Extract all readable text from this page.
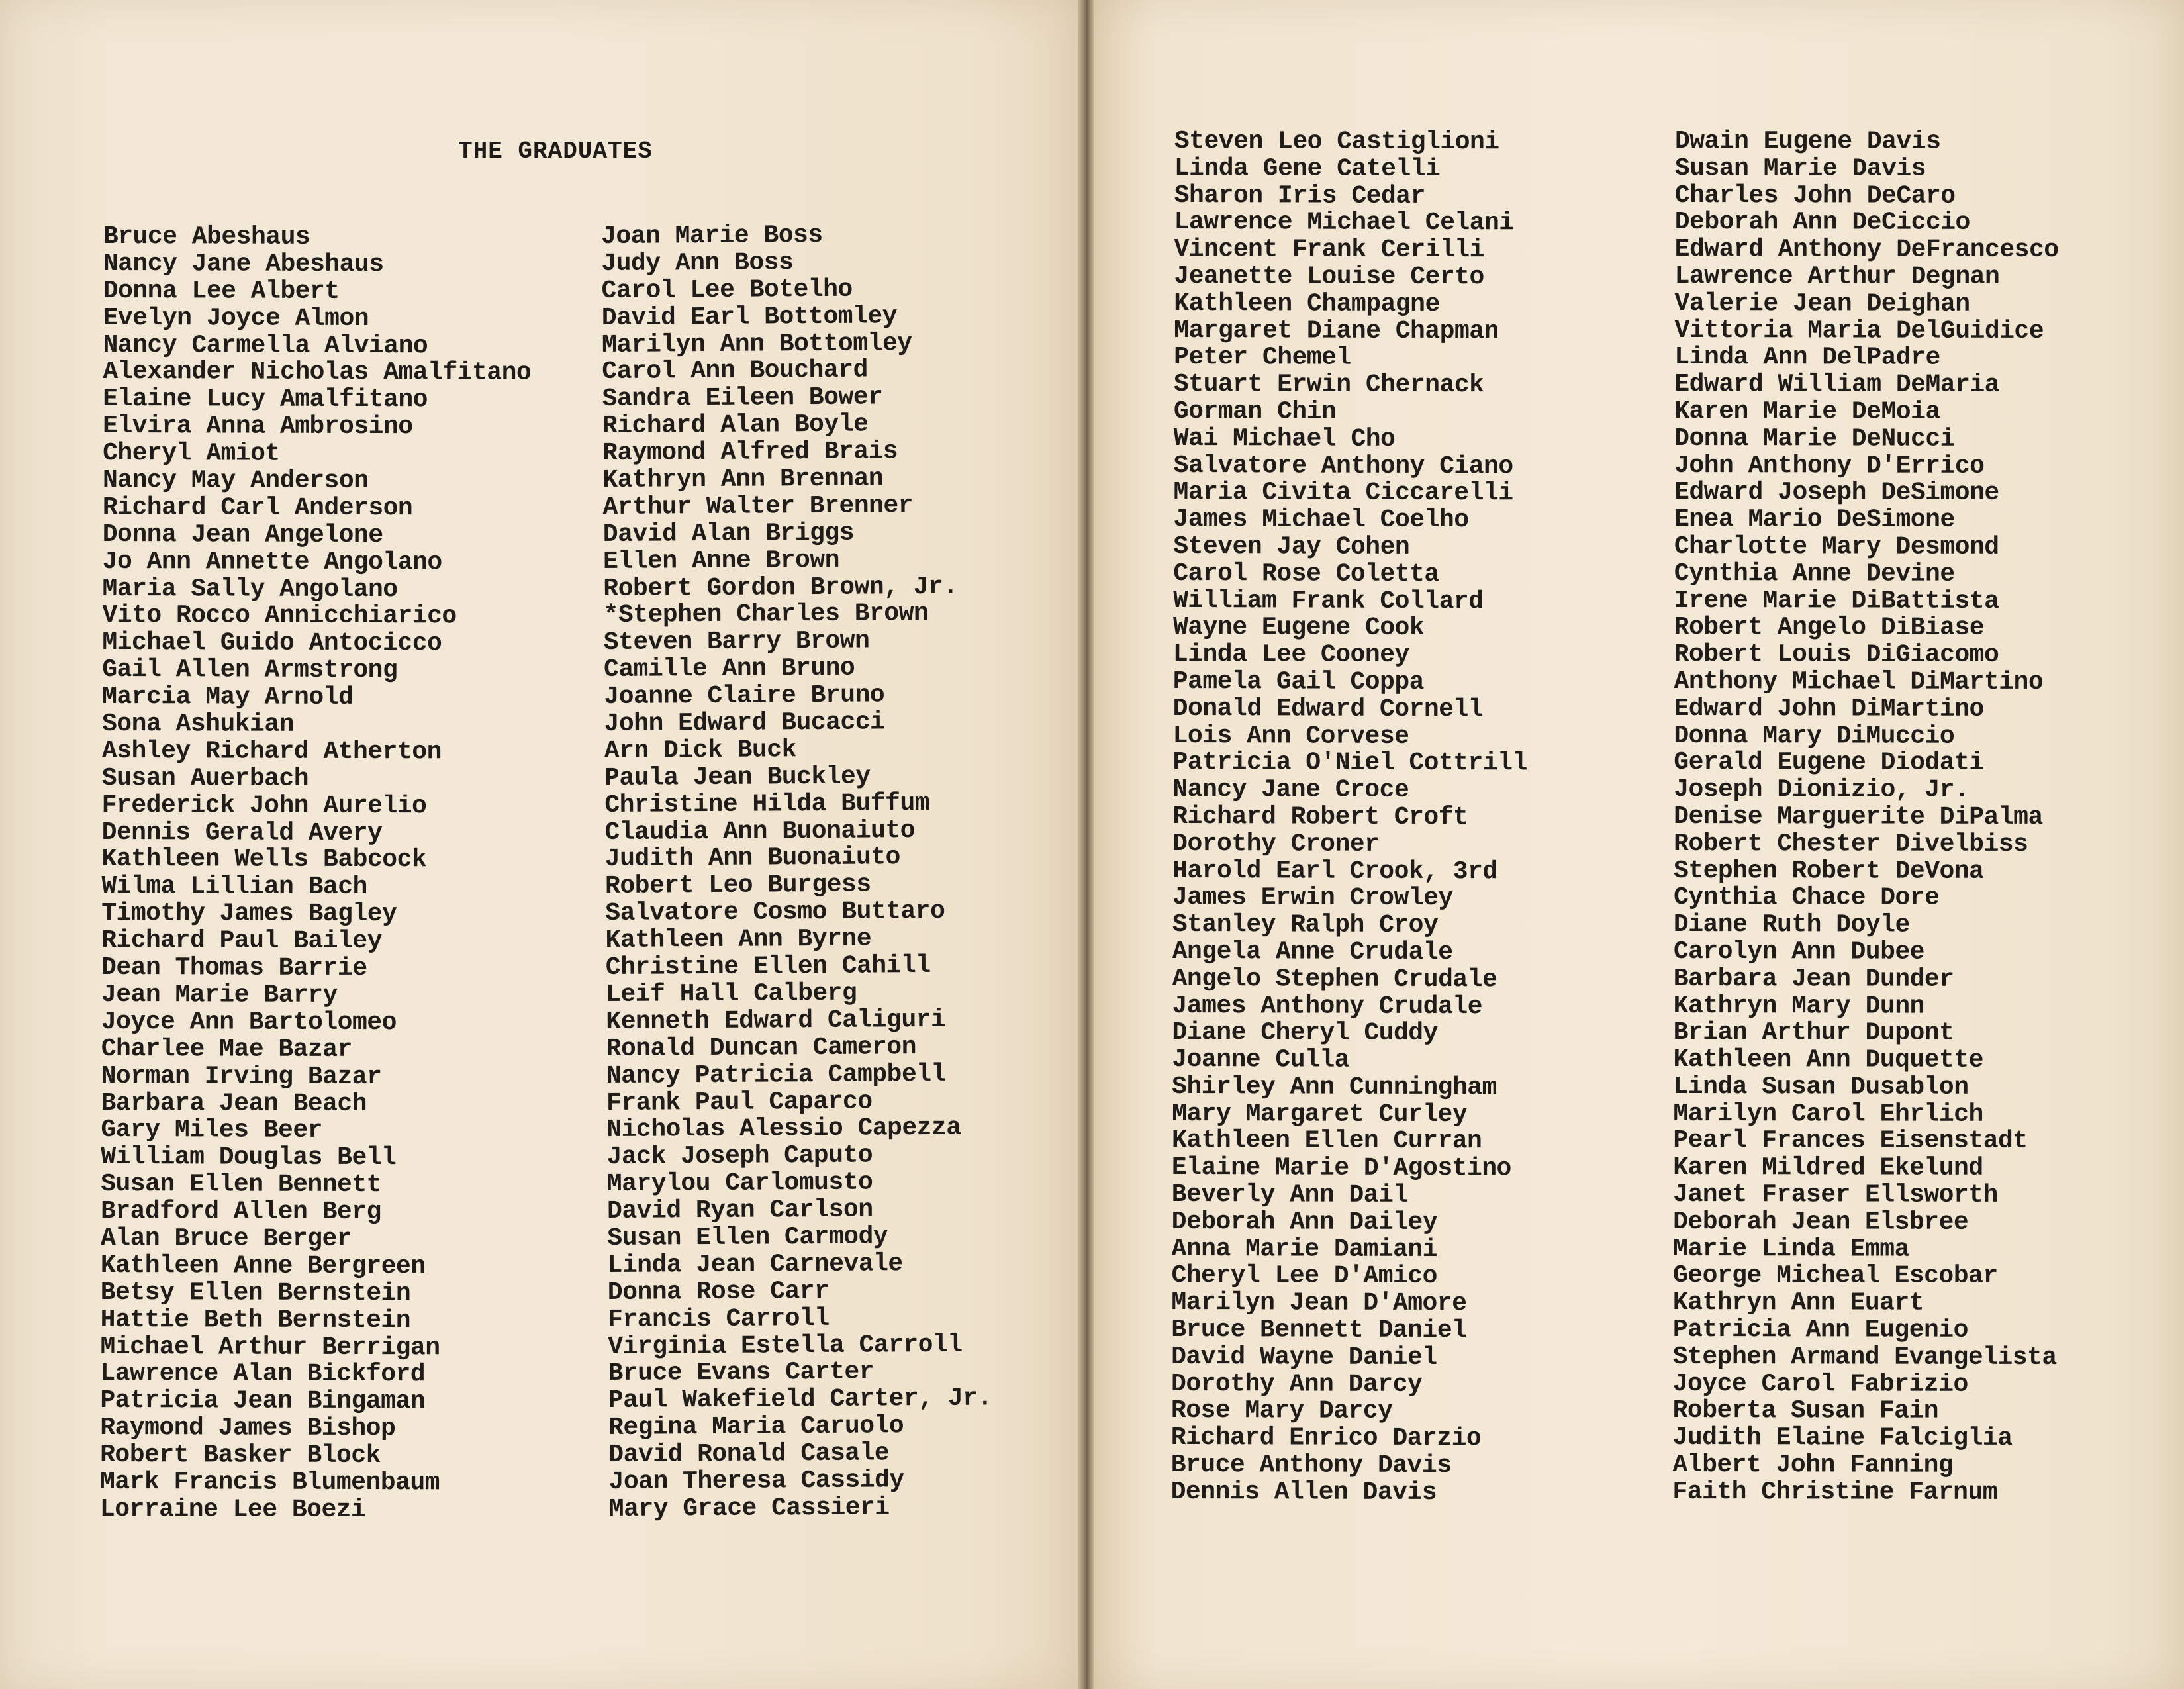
THE GRADUATES
Bruce Abeshaus
Nancy Jane Abeshaus
Donna Lee Albert
Evelyn Joyce Almon
Nancy Carmella Alviano
Alexander Nicholas Amalfitano
Elaine Lucy Amalfitano
Elvira Anna Ambrosino
Cheryl Amiot
Nancy May Anderson
Richard Carl Anderson
Donna Jean Angelone
Jo Ann Annette Angolano
Maria Sally Angolano
Vito Rocco Annicchiarico
Michael Guido Antocicco
Gail Allen Armstrong
Marcia May Arnold
Sona Ashukian
Ashley Richard Atherton
Susan Auerbach
Frederick John Aurelio
Dennis Gerald Avery
Kathleen Wells Babcock
Wilma Lillian Bach
Timothy James Bagley
Richard Paul Bailey
Dean Thomas Barrie
Jean Marie Barry
Joyce Ann Bartolomeo
Charlee Mae Bazar
Norman Irving Bazar
Barbara Jean Beach
Gary Miles Beer
William Douglas Bell
Susan Ellen Bennett
Bradford Allen Berg
Alan Bruce Berger
Kathleen Anne Bergreen
Betsy Ellen Bernstein
Hattie Beth Bernstein
Michael Arthur Berrigan
Lawrence Alan Bickford
Patricia Jean Bingaman
Raymond James Bishop
Robert Basker Block
Mark Francis Blumenbaum
Lorraine Lee Boezi
Joan Marie Boss
Judy Ann Boss
Carol Lee Botelho
David Earl Bottomley
Marilyn Ann Bottomley
Carol Ann Bouchard
Sandra Eileen Bower
Richard Alan Boyle
Raymond Alfred Brais
Kathryn Ann Brennan
Arthur Walter Brenner
David Alan Briggs
Ellen Anne Brown
Robert Gordon Brown, Jr.
*Stephen Charles Brown
Steven Barry Brown
Camille Ann Bruno
Joanne Claire Bruno
John Edward Bucacci
Arn Dick Buck
Paula Jean Buckley
Christine Hilda Buffum
Claudia Ann Buonaiuto
Judith Ann Buonaiuto
Robert Leo Burgess
Salvatore Cosmo Buttaro
Kathleen Ann Byrne
Christine Ellen Cahill
Leif Hall Calberg
Kenneth Edward Caliguri
Ronald Duncan Cameron
Nancy Patricia Campbell
Frank Paul Caparco
Nicholas Alessio Capezza
Jack Joseph Caputo
Marylou Carlomusto
David Ryan Carlson
Susan Ellen Carmody
Linda Jean Carnevale
Donna Rose Carr
Francis Carroll
Virginia Estella Carroll
Bruce Evans Carter
Paul Wakefield Carter, Jr.
Regina Maria Caruolo
David Ronald Casale
Joan Theresa Cassidy
Mary Grace Cassieri
Steven Leo Castiglioni
Linda Gene Catelli
Sharon Iris Cedar
Lawrence Michael Celani
Vincent Frank Cerilli
Jeanette Louise Certo
Kathleen Champagne
Margaret Diane Chapman
Peter Chemel
Stuart Erwin Chernack
Gorman Chin
Wai Michael Cho
Salvatore Anthony Ciano
Maria Civita Ciccarelli
James Michael Coelho
Steven Jay Cohen
Carol Rose Coletta
William Frank Collard
Wayne Eugene Cook
Linda Lee Cooney
Pamela Gail Coppa
Donald Edward Cornell
Lois Ann Corvese
Patricia O'Niel Cottrill
Nancy Jane Croce
Richard Robert Croft
Dorothy Croner
Harold Earl Crook, 3rd
James Erwin Crowley
Stanley Ralph Croy
Angela Anne Crudale
Angelo Stephen Crudale
James Anthony Crudale
Diane Cheryl Cuddy
Joanne Culla
Shirley Ann Cunningham
Mary Margaret Curley
Kathleen Ellen Curran
Elaine Marie D'Agostino
Beverly Ann Dail
Deborah Ann Dailey
Anna Marie Damiani
Cheryl Lee D'Amico
Marilyn Jean D'Amore
Bruce Bennett Daniel
David Wayne Daniel
Dorothy Ann Darcy
Rose Mary Darcy
Richard Enrico Darzio
Bruce Anthony Davis
Dennis Allen Davis
Dwain Eugene Davis
Susan Marie Davis
Charles John DeCaro
Deborah Ann DeCiccio
Edward Anthony DeFrancesco
Lawrence Arthur Degnan
Valerie Jean Deighan
Vittoria Maria DelGuidice
Linda Ann DelPadre
Edward William DeMaria
Karen Marie DeMoia
Donna Marie DeNucci
John Anthony D'Errico
Edward Joseph DeSimone
Enea Mario DeSimone
Charlotte Mary Desmond
Cynthia Anne Devine
Irene Marie DiBattista
Robert Angelo DiBiase
Robert Louis DiGiacomo
Anthony Michael DiMartino
Edward John DiMartino
Donna Mary DiMuccio
Gerald Eugene Diodati
Joseph Dionizio, Jr.
Denise Marguerite DiPalma
Robert Chester Divelbiss
Stephen Robert DeVona
Cynthia Chace Dore
Diane Ruth Doyle
Carolyn Ann Dubee
Barbara Jean Dunder
Kathryn Mary Dunn
Brian Arthur Dupont
Kathleen Ann Duquette
Linda Susan Dusablon
Marilyn Carol Ehrlich
Pearl Frances Eisenstadt
Karen Mildred Ekelund
Janet Fraser Ellsworth
Deborah Jean Elsbree
Marie Linda Emma
George Micheal Escobar
Kathryn Ann Euart
Patricia Ann Eugenio
Stephen Armand Evangelista
Joyce Carol Fabrizio
Roberta Susan Fain
Judith Elaine Falciglia
Albert John Fanning
Faith Christine Farnum
